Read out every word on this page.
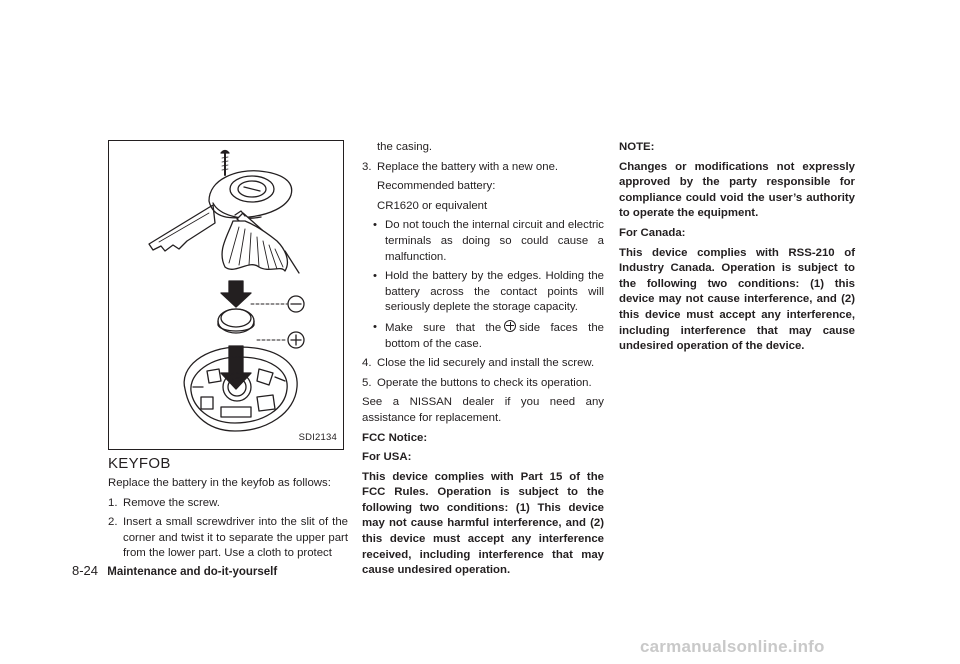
SDI2134
KEYFOB

Replace the battery in the keyfob as follows:

1. Remove the screw.
2. Insert a small screwdriver into the slit of the corner and twist it to separate the upper part from the lower part. Use a cloth to protect
the casing.
3. Replace the battery with a new one.

Recommended battery:

CR1620 or equivalent

• Do not touch the internal circuit and electric terminals as doing so could cause a malfunction.
• Hold the battery by the edges. Holding the battery across the contact points will seriously deplete the storage capacity.
• Make sure that the side faces the bottom of the case.
4. Close the lid securely and install the screw.
5. Operate the buttons to check its operation.

See a NISSAN dealer if you need any assistance for replacement.

FCC Notice:

For USA:

This device complies with Part 15 of the FCC Rules. Operation is subject to the following two conditions: (1) This device may not cause harmful interference, and (2) this device must accept any interference received, including interference that may cause undesired operation.

NOTE:

Changes or modifications not expressly approved by the party responsible for compliance could void the user’s authority to operate the equipment.

For Canada:

This device complies with RSS-210 of Industry Canada. Operation is subject to the following two conditions: (1) this device may not cause interference, and (2) this device must accept any interference, including interference that may cause undesired operation of the device.

8-24 Maintenance and do-it-yourself
carmanualsonline.info
